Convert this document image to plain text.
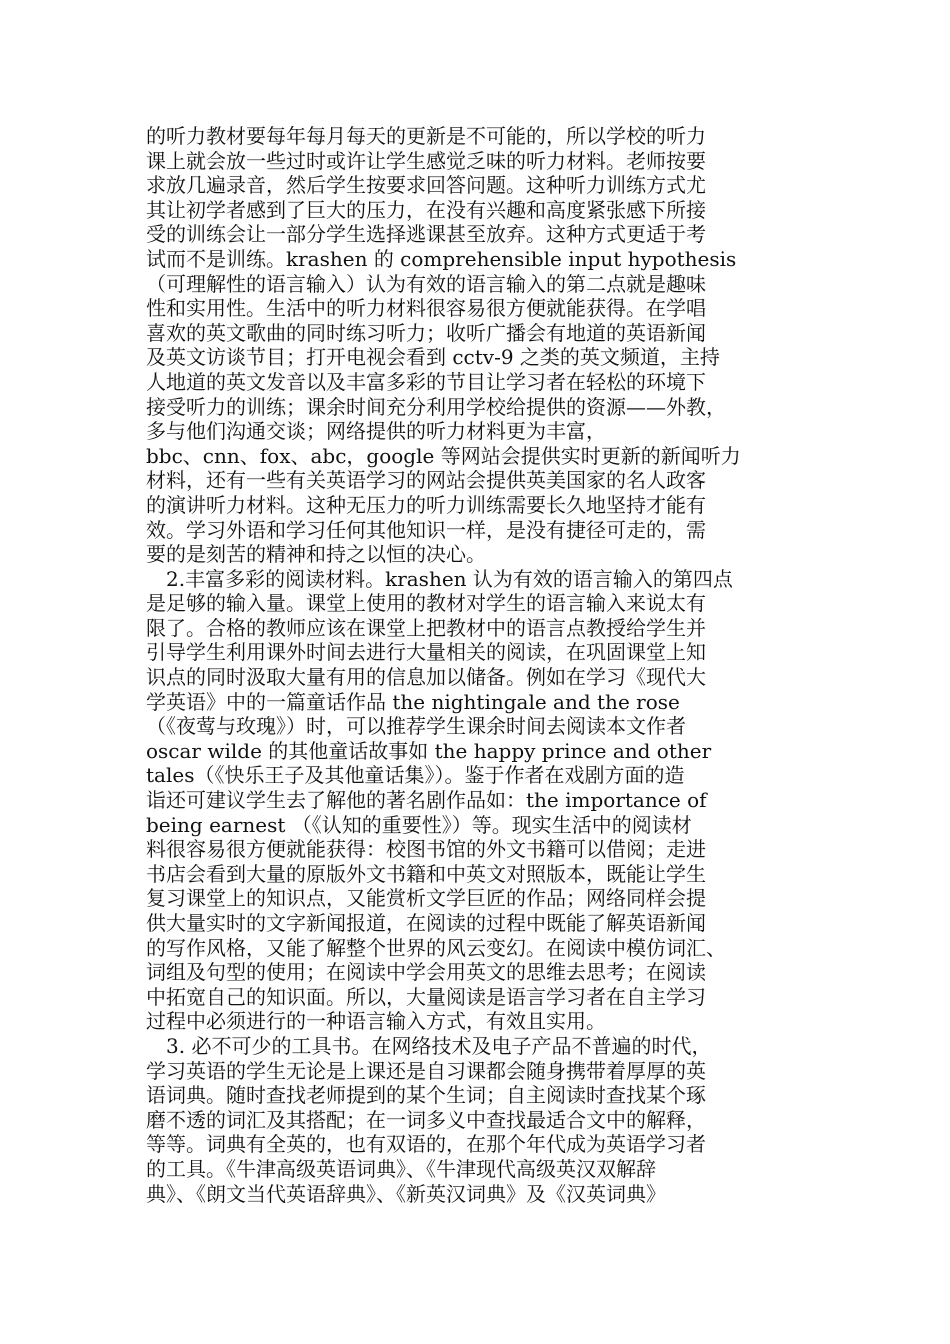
的听力教材要每年每月每天的更新是不可能的，所以学校的听力
课上就会放一些过时或许让学生感觉乏味的听力材料。老师按要
求放几遍录音，然后学生按要求回答问题。这种听力训练方式尤
其让初学者感到了巨大的压力，在没有兴趣和高度紧张感下所接
受的训练会让一部分学生选择逃课甚至放弃。这种方式更适于考
试而不是训练。krashen 的 comprehensible input hypothesis
（可理解性的语言输入）认为有效的语言输入的第二点就是趣味
性和实用性。生活中的听力材料很容易很方便就能获得。在学唱
喜欢的英文歌曲的同时练习听力；收听广播会有地道的英语新闻
及英文访谈节目；打开电视会看到 cctv-9 之类的英文频道，主持
人地道的英文发音以及丰富多彩的节目让学习者在轻松的环境下
接受听力的训练；课余时间充分利用学校给提供的资源——外教，
多与他们沟通交谈；网络提供的听力材料更为丰富，
bbc、cnn、fox、abc，google 等网站会提供实时更新的新闻听力
材料，还有一些有关英语学习的网站会提供英美国家的名人政客
的演讲听力材料。这种无压力的听力训练需要长久地坚持才能有
效。学习外语和学习任何其他知识一样，是没有捷径可走的，需
要的是刻苦的精神和持之以恒的决心。
2.丰富多彩的阅读材料。krashen 认为有效的语言输入的第四点
是足够的输入量。课堂上使用的教材对学生的语言输入来说太有
限了。合格的教师应该在课堂上把教材中的语言点教授给学生并
引导学生利用课外时间去进行大量相关的阅读，在巩固课堂上知
识点的同时汲取大量有用的信息加以储备。例如在学习《现代大
学英语》中的一篇童话作品 the nightingale and the rose
（《夜莺与玫瑰》）时，可以推荐学生课余时间去阅读本文作者
oscar wilde 的其他童话故事如 the happy prince and other
tales（《快乐王子及其他童话集》）。鉴于作者在戏剧方面的造
诣还可建议学生去了解他的著名剧作品如：the importance of
being earnest （《认知的重要性》）等。现实生活中的阅读材
料很容易很方便就能获得：校图书馆的外文书籍可以借阅；走进
书店会看到大量的原版外文书籍和中英文对照版本，既能让学生
复习课堂上的知识点，又能赏析文学巨匠的作品；网络同样会提
供大量实时的文字新闻报道，在阅读的过程中既能了解英语新闻
的写作风格，又能了解整个世界的风云变幻。在阅读中模仿词汇、
词组及句型的使用；在阅读中学会用英文的思维去思考；在阅读
中拓宽自己的知识面。所以，大量阅读是语言学习者在自主学习
过程中必须进行的一种语言输入方式，有效且实用。
3. 必不可少的工具书。在网络技术及电子产品不普遍的时代，
学习英语的学生无论是上课还是自习课都会随身携带着厚厚的英
语词典。随时查找老师提到的某个生词；自主阅读时查找某个琢
磨不透的词汇及其搭配；在一词多义中查找最适合文中的解释，
等等。词典有全英的，也有双语的，在那个年代成为英语学习者
的工具。《牛津高级英语词典》、《牛津现代高级英汉双解辞
典》、《朗文当代英语辞典》、《新英汉词典》及《汉英词典》
